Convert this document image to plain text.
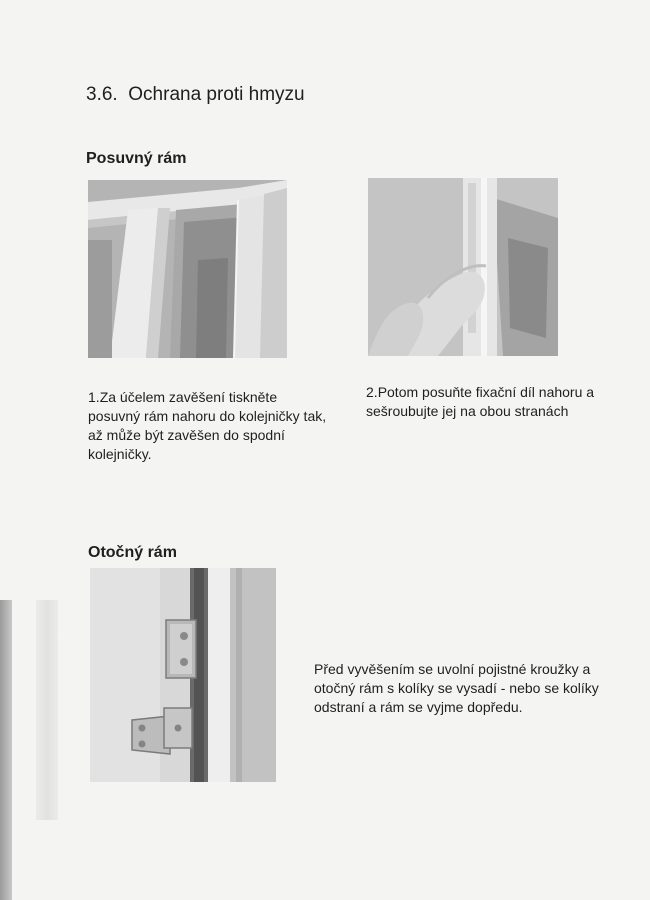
3.6. Ochrana proti hmyzu
Posuvný rám

1.Za účelem zavěšení tiskněte posuvný rám nahoru do kolejničky tak, až může být zavěšen do spodní kolejničky.

2.Potom posuňte fixační díl nahoru a sešroubujte jej na obou stranách

Otočný rám

Před vyvěšením se uvolní pojistné kroužky a otočný rám s kolíky se vysadí - nebo se kolíky odstraní a rám se vyjme dopředu.
